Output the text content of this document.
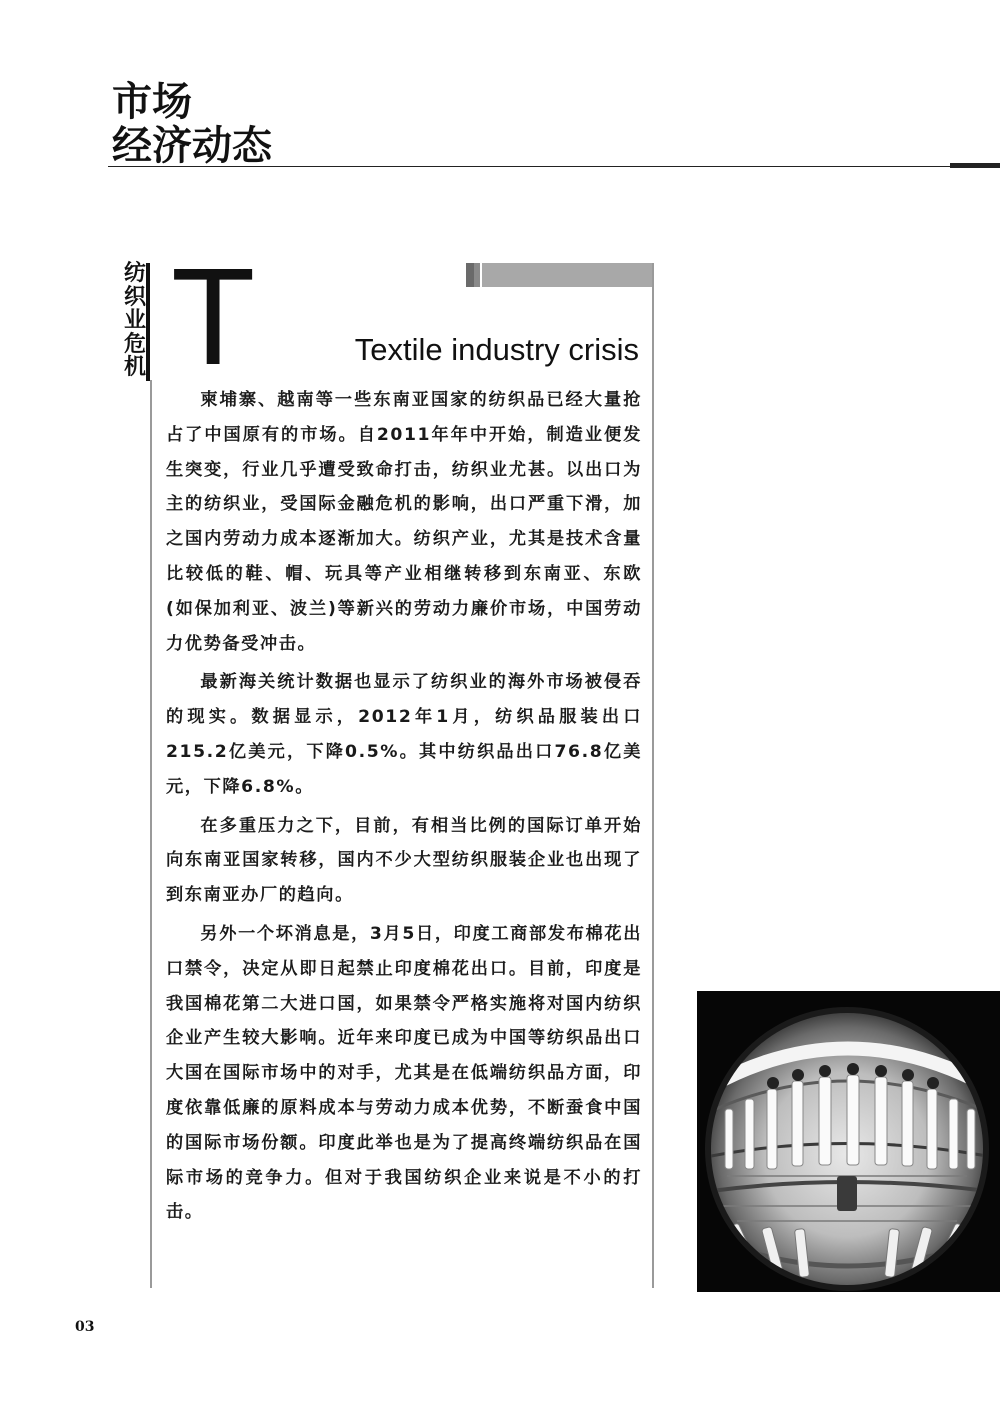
市场
经济动态
纺织业危机 T	Textile industry crisis

柬埔寨、越南等一些东南亚国家的纺织品已经大量抢占了中国原有的市场。自2011年年中开始，制造业便发生突变，行业几乎遭受致命打击，纺织业尤甚。以出口为主的纺织业，受国际金融危机的影响，出口严重下滑，加之国内劳动力成本逐渐加大。纺织产业，尤其是技术含量比较低的鞋、帽、玩具等产业相继转移到东南亚、东欧(如保加利亚、波兰)等新兴的劳动力廉价市场，中国劳动力优势备受冲击。

最新海关统计数据也显示了纺织业的海外市场被侵吞的现实。数据显示，2012年1月，纺织品服装出口215.2亿美元，下降0.5%。其中纺织品出口76.8亿美元，下降6.8%。

在多重压力之下，目前，有相当比例的国际订单开始向东南亚国家转移，国内不少大型纺织服装企业也出现了到东南亚办厂的趋向。

另外一个坏消息是，3月5日，印度工商部发布棉花出口禁令，决定从即日起禁止印度棉花出口。目前，印度是我国棉花第二大进口国，如果禁令严格实施将对国内纺织企业产生较大影响。近年来印度已成为中国等纺织品出口大国在国际市场中的对手，尤其是在低端纺织品方面，印度依靠低廉的原料成本与劳动力成本优势，不断蚕食中国的国际市场份额。印度此举也是为了提高终端纺织品在国际市场的竞争力。但对于我国纺织企业来说是不小的打击。

03
